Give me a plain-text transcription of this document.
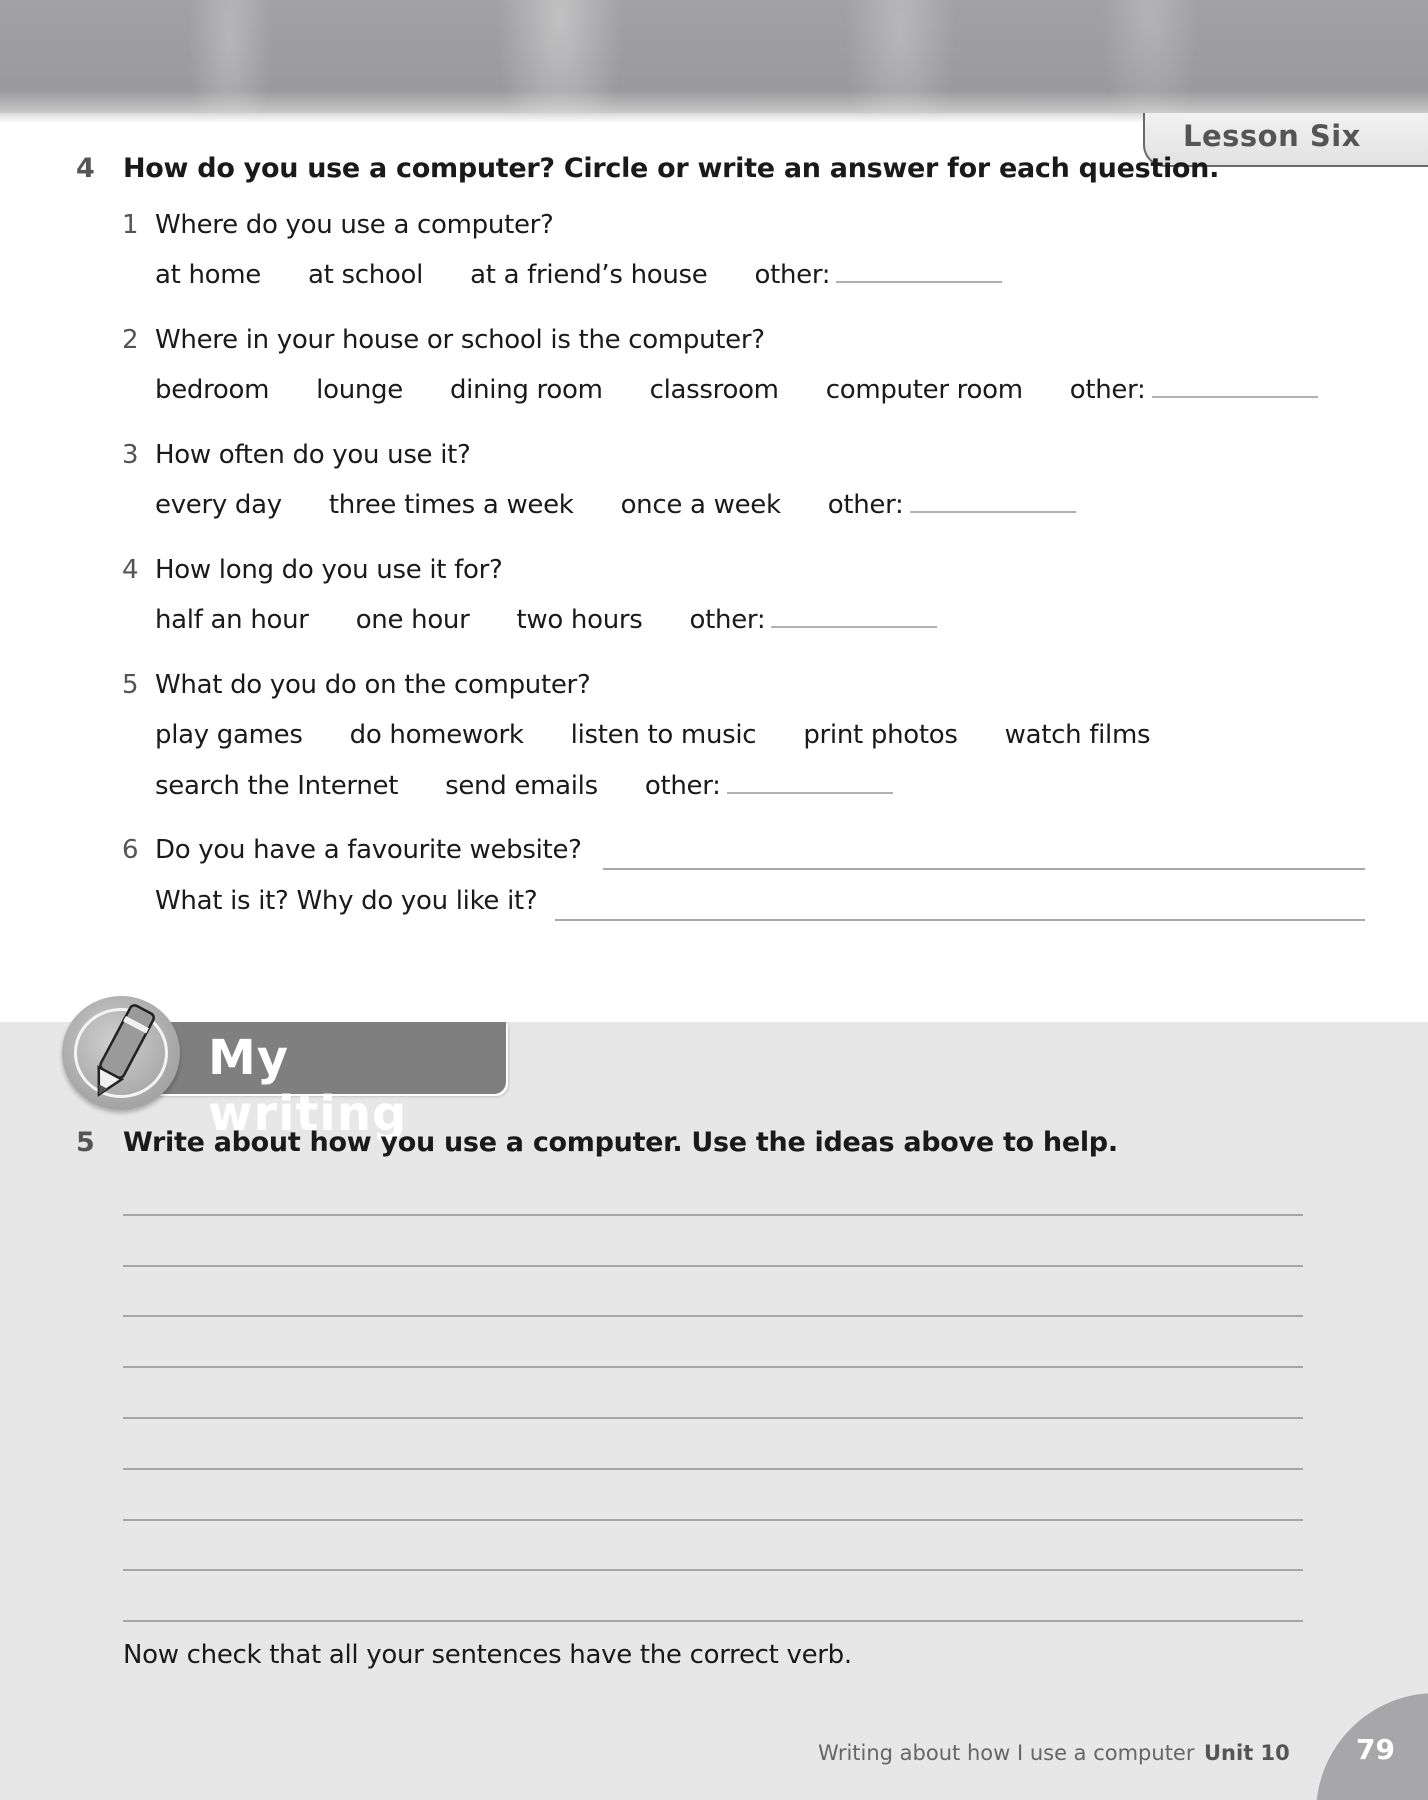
Lesson Six
4 How do you use a computer? Circle or write an answer for each question.
1 Where do you use a computer?
at home at school at a friend’s house other:
2 Where in your house or school is the computer?
bedroom lounge dining room classroom computer room other:
3 How often do you use it?
every day three times a week once a week other:
4 How long do you use it for?
half an hour one hour two hours other:
5 What do you do on the computer?
play games do homework listen to music print photos watch films
search the Internet send emails other:
6 Do you have a favourite website?
What is it? Why do you like it?
My writing
5 Write about how you use a computer. Use the ideas above to help.
Now check that all your sentences have the correct verb.
Writing about how I use a computer Unit 10 79
